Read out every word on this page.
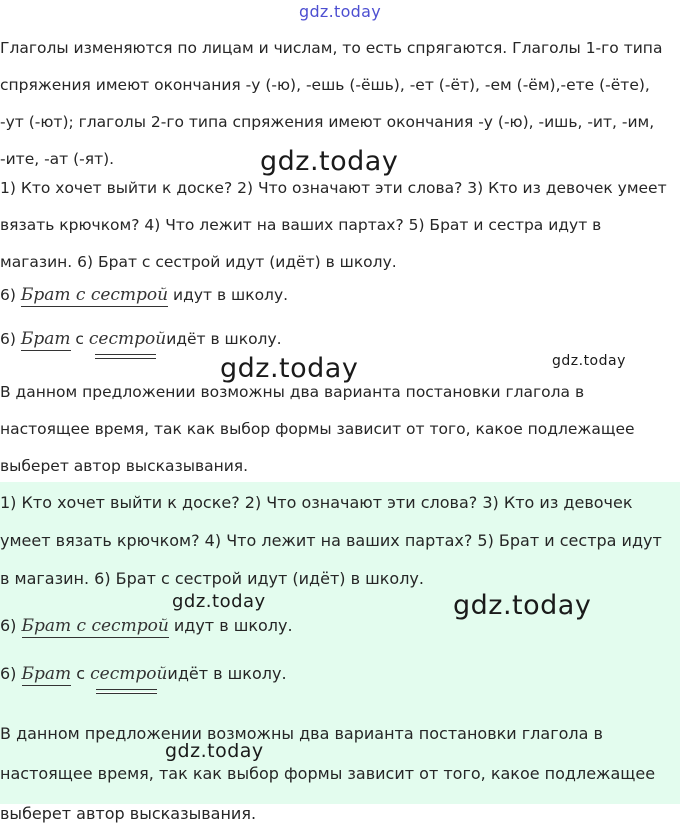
gdz.today

Глаголы изменяются по лицам и числам, то есть спрягаются. Глаголы 1-го типа спряжения имеют окончания -у (-ю), -ешь (-ёшь), -ет (-ёт), -ем (-ём),-ете (-ёте), -ут (-ют); глаголы 2-го типа спряжения имеют окончания -у (-ю), -ишь, -ит, -им, -ите, -ат (-ят).

1) Кто хочет выйти к доске? 2) Что означают эти слова? 3) Кто из девочек умеет вязать крючком? 4) Что лежит на ваших партах? 5) Брат и сестра идут в магазин. 6) Брат с сестрой идут (идёт) в школу.

6) Брат с сестрой идут в школу.
6) Брат с сестройидёт в школу.

В данном предложении возможны два варианта постановки глагола в настоящее время, так как выбор формы зависит от того, какое подлежащее выберет автор высказывания.

1) Кто хочет выйти к доске? 2) Что означают эти слова? 3) Кто из девочек умеет вязать крючком? 4) Что лежит на ваших партах? 5) Брат и сестра идут в магазин. 6) Брат с сестрой идут (идёт) в школу.

6) Брат с сестрой идут в школу.
6) Брат с сестройидёт в школу.

В данном предложении возможны два варианта постановки глагола в настоящее время, так как выбор формы зависит от того, какое подлежащее выберет автор высказывания.

gdz.today
gdz.today	gdz.today
gdz.today	gdz.today
gdz.today
